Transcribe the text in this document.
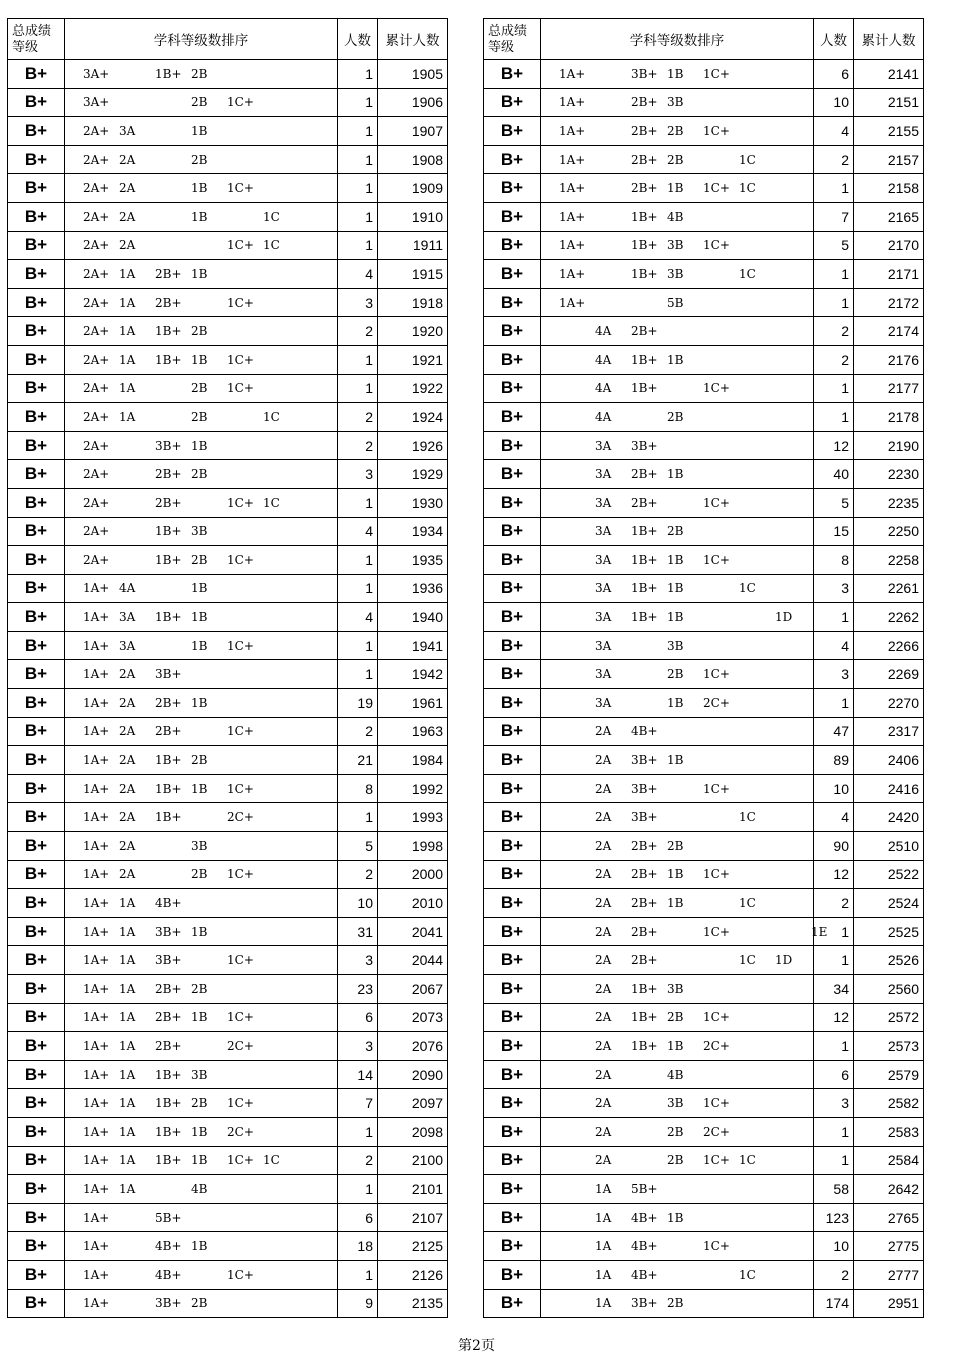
总成绩
等级	学科等级数排序	人数	累计人数
B+	3A+ 1B+ 2B	1	1905
B+	3A+ 2B 1C+	1	1906
B+	2A+ 3A 1B	1	1907
B+	2A+ 2A 2B	1	1908
B+	2A+ 2A 1B 1C+	1	1909
B+	2A+ 2A 1B 1C	1	1910
B+	2A+ 2A 1C+ 1C	1	1911
B+	2A+ 1A 2B+ 1B	4	1915
B+	2A+ 1A 2B+ 1C+	3	1918
B+	2A+ 1A 1B+ 2B	2	1920
B+	2A+ 1A 1B+ 1B 1C+	1	1921
B+	2A+ 1A 2B 1C+	1	1922
B+	2A+ 1A 2B 1C	2	1924
B+	2A+ 3B+ 1B	2	1926
B+	2A+ 2B+ 2B	3	1929
B+	2A+ 2B+ 1C+ 1C	1	1930
B+	2A+ 1B+ 3B	4	1934
B+	2A+ 1B+ 2B 1C+	1	1935
B+	1A+ 4A 1B	1	1936
B+	1A+ 3A 1B+ 1B	4	1940
B+	1A+ 3A 1B 1C+	1	1941
B+	1A+ 2A 3B+	1	1942
B+	1A+ 2A 2B+ 1B	19	1961
B+	1A+ 2A 2B+ 1C+	2	1963
B+	1A+ 2A 1B+ 2B	21	1984
B+	1A+ 2A 1B+ 1B 1C+	8	1992
B+	1A+ 2A 1B+ 2C+	1	1993
B+	1A+ 2A 3B	5	1998
B+	1A+ 2A 2B 1C+	2	2000
B+	1A+ 1A 4B+	10	2010
B+	1A+ 1A 3B+ 1B	31	2041
B+	1A+ 1A 3B+ 1C+	3	2044
B+	1A+ 1A 2B+ 2B	23	2067
B+	1A+ 1A 2B+ 1B 1C+	6	2073
B+	1A+ 1A 2B+ 2C+	3	2076
B+	1A+ 1A 1B+ 3B	14	2090
B+	1A+ 1A 1B+ 2B 1C+	7	2097
B+	1A+ 1A 1B+ 1B 2C+	1	2098
B+	1A+ 1A 1B+ 1B 1C+ 1C	2	2100
B+	1A+ 1A 4B	1	2101
B+	1A+ 5B+	6	2107
B+	1A+ 4B+ 1B	18	2125
B+	1A+ 4B+ 1C+	1	2126
B+	1A+ 3B+ 2B	9	2135
总成绩
等级	学科等级数排序	人数	累计人数
B+	1A+ 3B+ 1B 1C+	6	2141
B+	1A+ 2B+ 3B	10	2151
B+	1A+ 2B+ 2B 1C+	4	2155
B+	1A+ 2B+ 2B 1C	2	2157
B+	1A+ 2B+ 1B 1C+ 1C	1	2158
B+	1A+ 1B+ 4B	7	2165
B+	1A+ 1B+ 3B 1C+	5	2170
B+	1A+ 1B+ 3B 1C	1	2171
B+	1A+ 5B	1	2172
B+	4A 2B+	2	2174
B+	4A 1B+ 1B	2	2176
B+	4A 1B+ 1C+	1	2177
B+	4A 2B	1	2178
B+	3A 3B+	12	2190
B+	3A 2B+ 1B	40	2230
B+	3A 2B+ 1C+	5	2235
B+	3A 1B+ 2B	15	2250
B+	3A 1B+ 1B 1C+	8	2258
B+	3A 1B+ 1B 1C	3	2261
B+	3A 1B+ 1B 1D	1	2262
B+	3A 3B	4	2266
B+	3A 2B 1C+	3	2269
B+	3A 1B 2C+	1	2270
B+	2A 4B+	47	2317
B+	2A 3B+ 1B	89	2406
B+	2A 3B+ 1C+	10	2416
B+	2A 3B+ 1C	4	2420
B+	2A 2B+ 2B	90	2510
B+	2A 2B+ 1B 1C+	12	2522
B+	2A 2B+ 1B 1C	2	2524
B+	2A 2B+ 1C+ 1E	1	2525
B+	2A 2B+ 1C 1D	1	2526
B+	2A 1B+ 3B	34	2560
B+	2A 1B+ 2B 1C+	12	2572
B+	2A 1B+ 1B 2C+	1	2573
B+	2A 4B	6	2579
B+	2A 3B 1C+	3	2582
B+	2A 2B 2C+	1	2583
B+	2A 2B 1C+ 1C	1	2584
B+	1A 5B+	58	2642
B+	1A 4B+ 1B	123	2765
B+	1A 4B+ 1C+	10	2775
B+	1A 4B+ 1C	2	2777
B+	1A 3B+ 2B	174	2951
第2页
